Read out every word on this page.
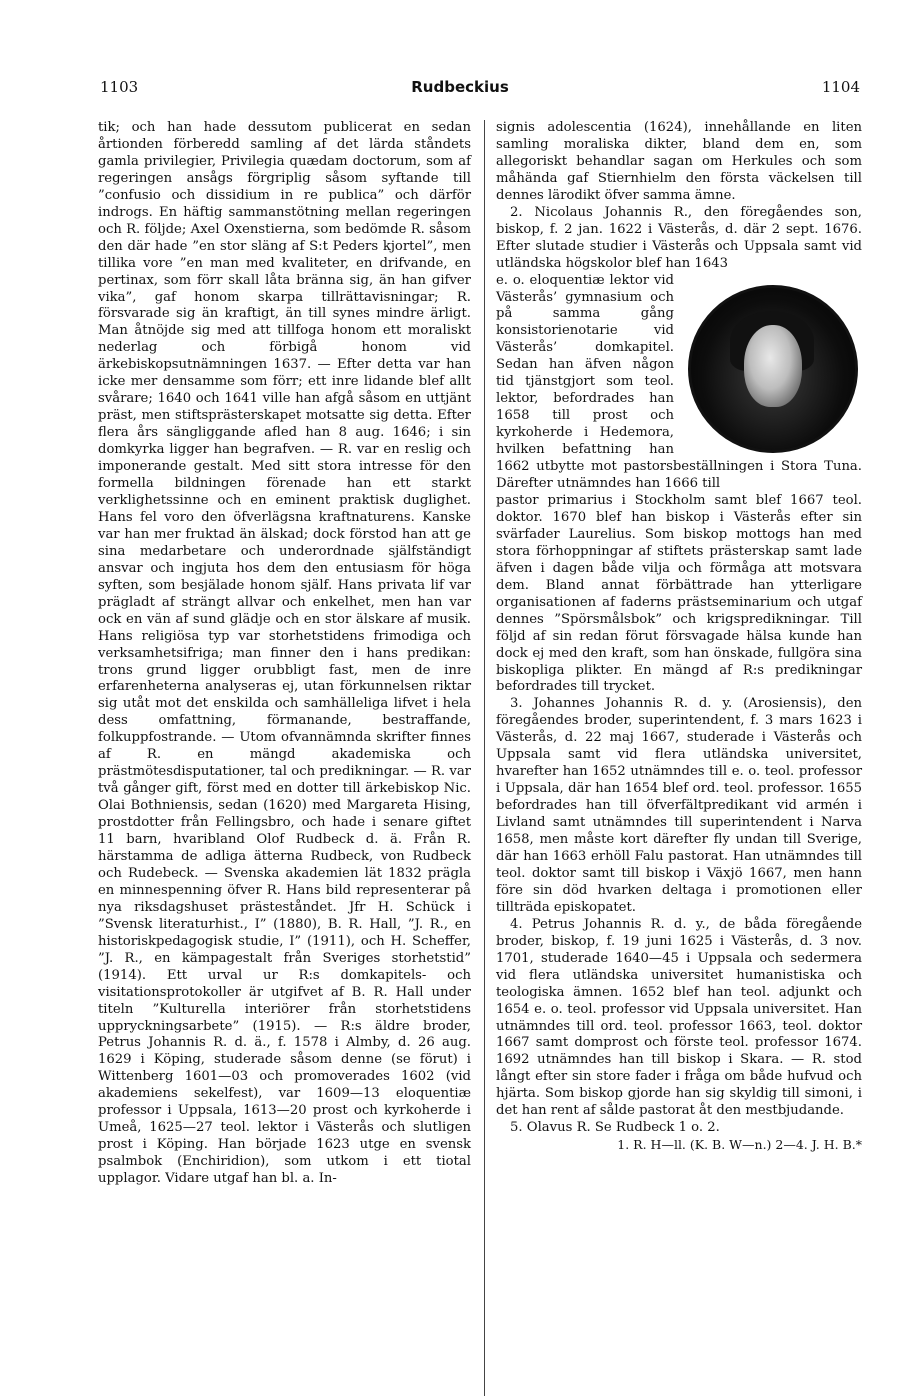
1103	Rudbeckius	1104

tik; och han hade dessutom publicerat en sedan årtionden förberedd samling af det lärda ståndets gamla privilegier, Privilegia quædam doctorum, som af regeringen ansågs förgriplig såsom syftande till ”confusio och dissidium in re publica” och därför indrogs. En häftig sammanstötning mellan regeringen och R. följde; Axel Oxenstierna, som bedömde R. såsom den där hade ”en stor släng af S:t Peders kjortel”, men tillika vore ”en man med kvaliteter, en drifvande, en pertinax, som förr skall låta bränna sig, än han gifver vika”, gaf honom skarpa tillrättavisningar; R. försvarade sig än kraftigt, än till synes mindre ärligt. Man åtnöjde sig med att tillfoga honom ett moraliskt nederlag och förbigå honom vid ärkebiskopsutnämningen 1637. — Efter detta var han icke mer densamme som förr; ett inre lidande blef allt svårare; 1640 och 1641 ville han afgå såsom en uttjänt präst, men stiftsprästerskapet motsatte sig detta. Efter flera års sängliggande afled han 8 aug. 1646; i sin domkyrka ligger han begrafven. — R. var en reslig och imponerande gestalt. Med sitt stora intresse för den formella bildningen förenade han ett starkt verklighetssinne och en eminent praktisk duglighet. Hans fel voro den öfverlägsna kraftnaturens. Kanske var han mer fruktad än älskad; dock förstod han att ge sina medarbetare och underordnade själfständigt ansvar och ingjuta hos dem den entusiasm för höga syften, som besjälade honom själf. Hans privata lif var prägladt af strängt allvar och enkelhet, men han var ock en vän af sund glädje och en stor älskare af musik. Hans religiösa typ var storhetstidens frimodiga och verksamhetsifriga; man finner den i hans predikan: trons grund ligger orubbligt fast, men de inre erfarenheterna analyseras ej, utan förkunnelsen riktar sig utåt mot det enskilda och samhälleliga lifvet i hela dess omfattning, förmanande, bestraffande, folkuppfostrande. — Utom ofvannämnda skrifter finnes af R. en mängd akademiska och prästmötesdisputationer, tal och predikningar. — R. var två gånger gift, först med en dotter till ärkebiskop Nic. Olai Bothniensis, sedan (1620) med Margareta Hising, prostdotter från Fellingsbro, och hade i senare giftet 11 barn, hvaribland Olof Rudbeck d. ä. Från R. härstamma de adliga ätterna Rudbeck, von Rudbeck och Rudebeck. — Svenska akademien lät 1832 prägla en minnespenning öfver R. Hans bild representerar på nya riksdagshuset prästeståndet. Jfr H. Schück i ”Svensk literaturhist., I” (1880), B. R. Hall, ”J. R., en historiskpedagogisk studie, I” (1911), och H. Scheffer, ”J. R., en kämpagestalt från Sveriges storhetstid” (1914). Ett urval ur R:s domkapitels- och visitationsprotokoller är utgifvet af B. R. Hall under titeln ”Kulturella interiörer från storhetstidens uppryckningsarbete” (1915). — R:s äldre broder, Petrus Johannis R. d. ä., f. 1578 i Almby, d. 26 aug. 1629 i Köping, studerade såsom denne (se förut) i Wittenberg 1601—03 och promoverades 1602 (vid akademiens sekelfest), var 1609—13 eloquentiæ professor i Uppsala, 1613—20 prost och kyrkoherde i Umeå, 1625—27 teol. lektor i Västerås och slutligen prost i Köping. Han började 1623 utge en svensk psalmbok (Enchiridion), som utkom i ett tiotal upplagor. Vidare utgaf han bl. a. In-

signis adolescentia (1624), innehållande en liten samling moraliska dikter, bland dem en, som allegoriskt behandlar sagan om Herkules och som måhända gaf Stiernhielm den första väckelsen till dennes lärodikt öfver samma ämne.

2. Nicolaus Johannis R., den föregåendes son, biskop, f. 2 jan. 1622 i Västerås, d. där 2 sept. 1676. Efter slutade studier i Västerås och Uppsala samt vid utländska högskolor blef han 1643

e. o. eloquentiæ lektor vid Västerås’ gymnasium och på samma gång konsistorienotarie vid Västerås’ domkapitel. Sedan han äfven någon tid tjänstgjort som teol. lektor, befordrades han 1658 till prost och kyrkoherde i Hedemora, hvilken befattning han 1662 utbytte mot pastorsbeställningen i Stora Tuna. Därefter utnämndes han 1666 till

pastor primarius i Stockholm samt blef 1667 teol. doktor. 1670 blef han biskop i Västerås efter sin svärfader Laurelius. Som biskop mottogs han med stora förhoppningar af stiftets prästerskap samt lade äfven i dagen både vilja och förmåga att motsvara dem. Bland annat förbättrade han ytterligare organisationen af faderns prästseminarium och utgaf dennes ”Spörsmålsbok” och krigspredikningar. Till följd af sin redan förut försvagade hälsa kunde han dock ej med den kraft, som han önskade, fullgöra sina biskopliga plikter. En mängd af R:s predikningar befordrades till trycket.

3. Johannes Johannis R. d. y. (Arosiensis), den föregåendes broder, superintendent, f. 3 mars 1623 i Västerås, d. 22 maj 1667, studerade i Västerås och Uppsala samt vid flera utländska universitet, hvarefter han 1652 utnämndes till e. o. teol. professor i Uppsala, där han 1654 blef ord. teol. professor. 1655 befordrades han till öfverfältpredikant vid armén i Livland samt utnämndes till superintendent i Narva 1658, men måste kort därefter fly undan till Sverige, där han 1663 erhöll Falu pastorat. Han utnämndes till teol. doktor samt till biskop i Växjö 1667, men hann före sin död hvarken deltaga i promotionen eller tillträda episkopatet.

4. Petrus Johannis R. d. y., de båda föregående broder, biskop, f. 19 juni 1625 i Västerås, d. 3 nov. 1701, studerade 1640—45 i Uppsala och sedermera vid flera utländska universitet humanistiska och teologiska ämnen. 1652 blef han teol. adjunkt och 1654 e. o. teol. professor vid Uppsala universitet. Han utnämndes till ord. teol. professor 1663, teol. doktor 1667 samt domprost och förste teol. professor 1674. 1692 utnämndes han till biskop i Skara. — R. stod långt efter sin store fader i fråga om både hufvud och hjärta. Som biskop gjorde han sig skyldig till simoni, i det han rent af sålde pastorat åt den mestbjudande.

5. Olavus R. Se Rudbeck 1 o. 2.

1. R. H—ll. (K. B. W—n.) 2—4. J. H. B.*
